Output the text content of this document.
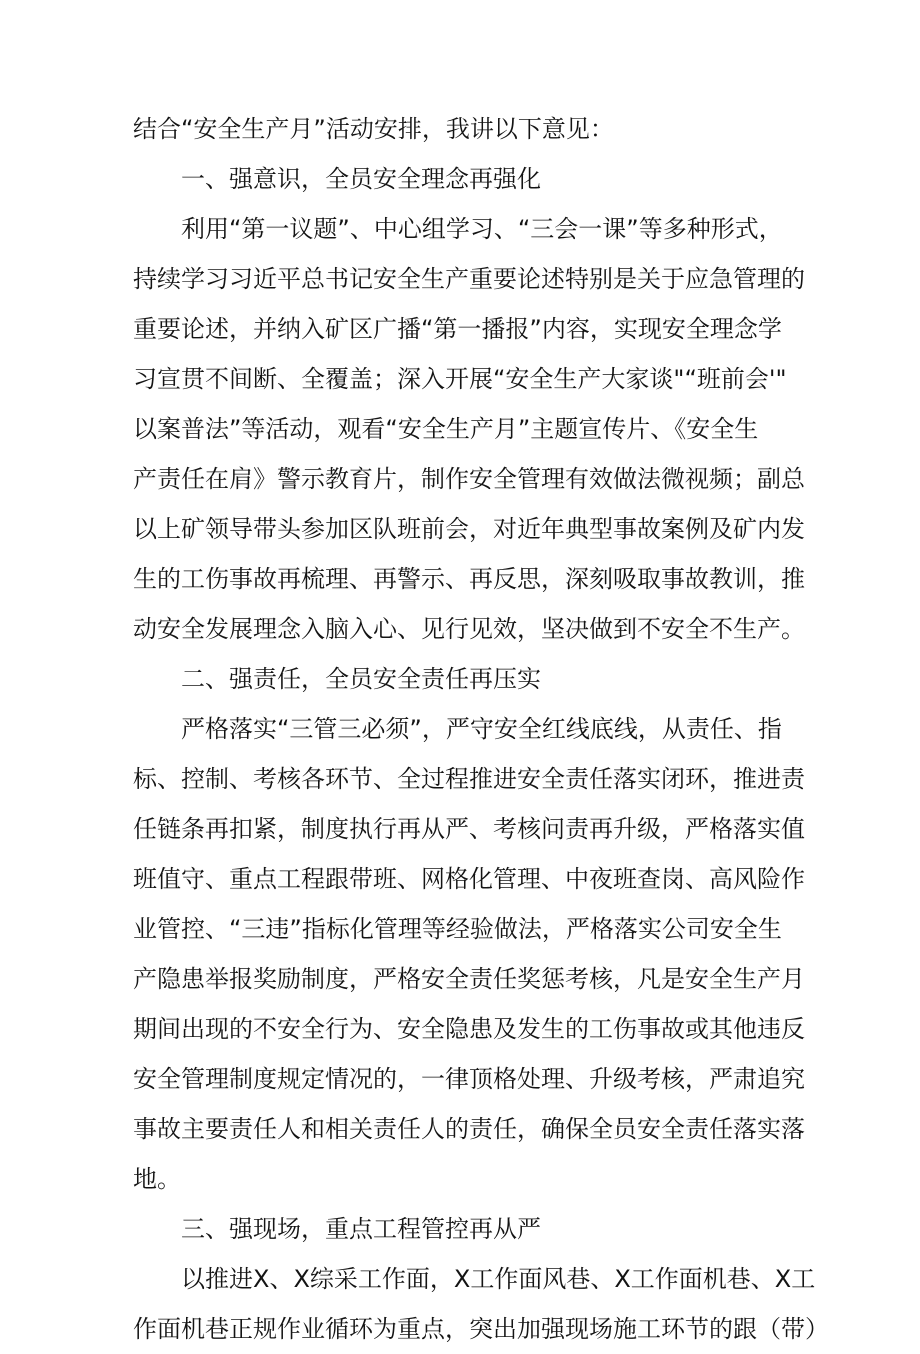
结合“安全生产月”活动安排，我讲以下意见：
一、强意识，全员安全理念再强化
利用“第一议题”、中心组学习、“三会一课”等多种形式，
持续学习习近平总书记安全生产重要论述特别是关于应急管理的
重要论述，并纳入矿区广播“第一播报”内容，实现安全理念学
习宣贯不间断、全覆盖；深入开展“安全生产大家谈"“班前会'"
以案普法”等活动，观看“安全生产月”主题宣传片、《安全生
产责任在肩》警示教育片，制作安全管理有效做法微视频；副总
以上矿领导带头参加区队班前会，对近年典型事故案例及矿内发
生的工伤事故再梳理、再警示、再反思，深刻吸取事故教训，推
动安全发展理念入脑入心、见行见效，坚决做到不安全不生产。
二、强责任，全员安全责任再压实
严格落实“三管三必须”，严守安全红线底线，从责任、指
标、控制、考核各环节、全过程推进安全责任落实闭环，推进责
任链条再扣紧，制度执行再从严、考核问责再升级，严格落实值
班值守、重点工程跟带班、网格化管理、中夜班查岗、高风险作
业管控、“三违”指标化管理等经验做法，严格落实公司安全生
产隐患举报奖励制度，严格安全责任奖惩考核，凡是安全生产月
期间出现的不安全行为、安全隐患及发生的工伤事故或其他违反
安全管理制度规定情况的，一律顶格处理、升级考核，严肃追究
事故主要责任人和相关责任人的责任，确保全员安全责任落实落
地。
三、强现场，重点工程管控再从严
以推进X、X综采工作面，X工作面风巷、X工作面机巷、X工
作面机巷正规作业循环为重点，突出加强现场施工环节的跟（带）
